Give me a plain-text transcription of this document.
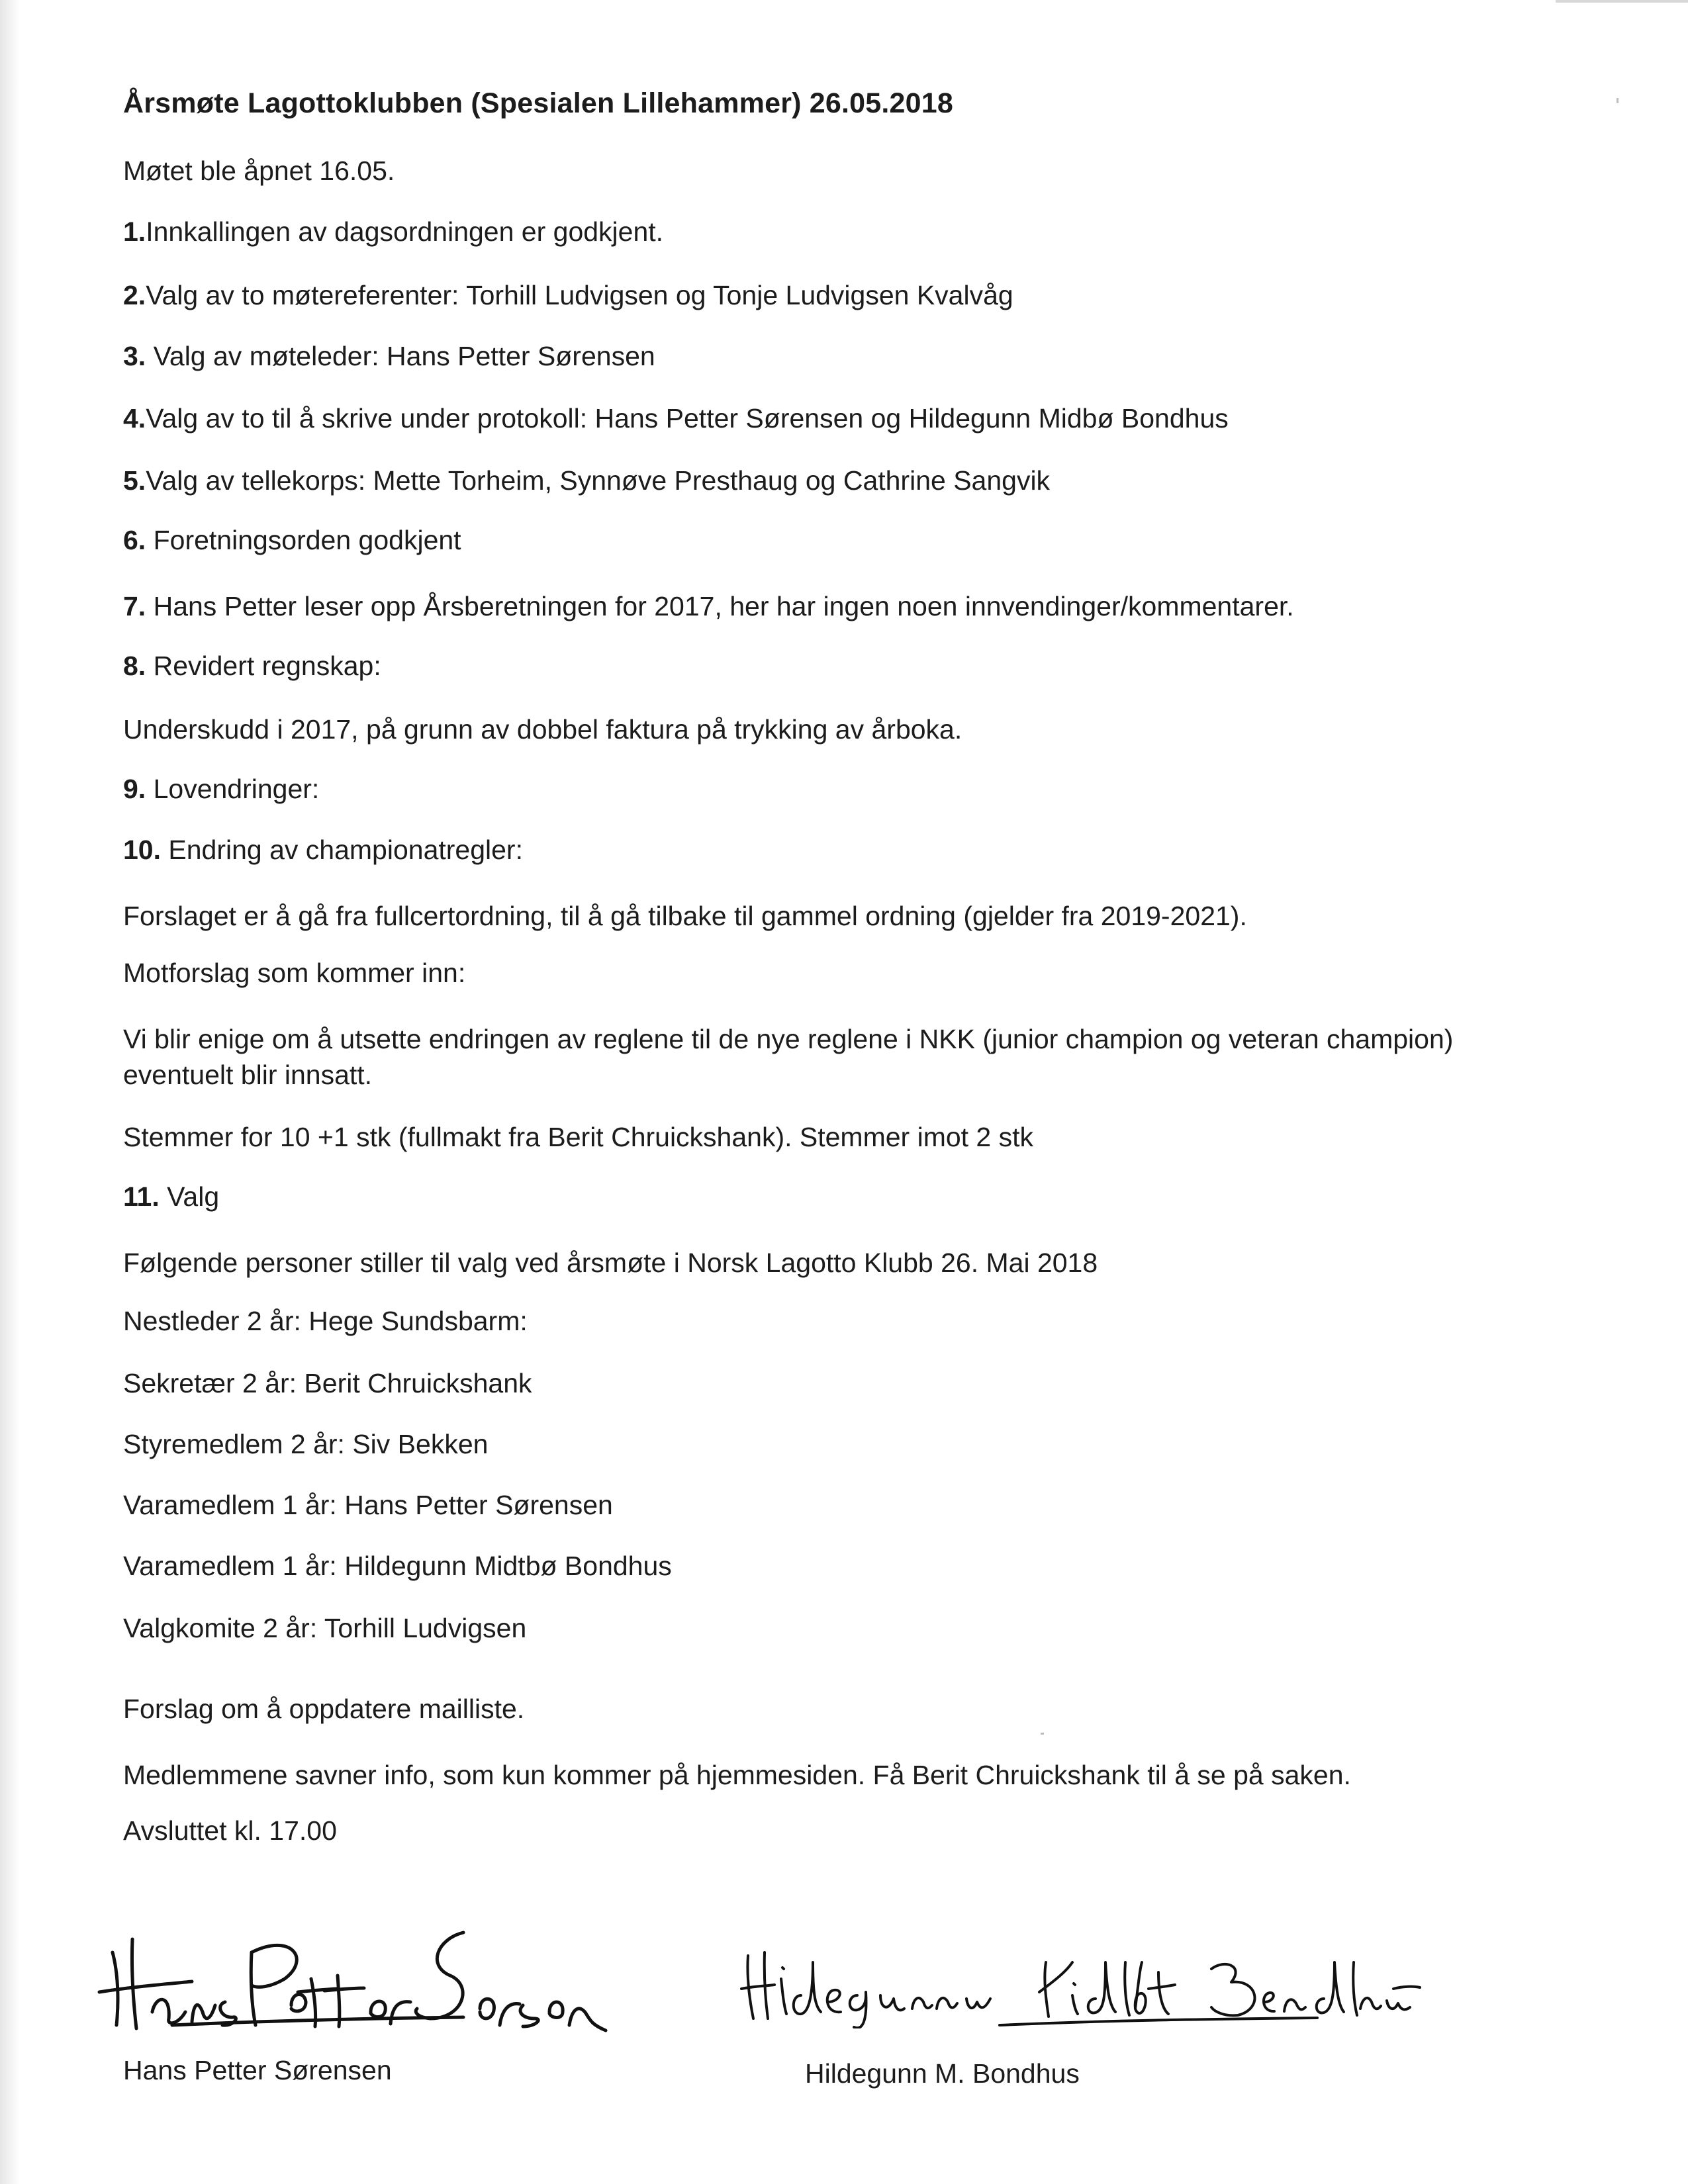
Årsmøte Lagottoklubben (Spesialen Lillehammer) 26.05.2018

Møtet ble åpnet 16.05.

1.Innkallingen av dagsordningen er godkjent.

2.Valg av to møtereferenter: Torhill Ludvigsen og Tonje Ludvigsen Kvalvåg

3. Valg av møteleder: Hans Petter Sørensen

4.Valg av to til å skrive under protokoll: Hans Petter Sørensen og Hildegunn Midbø Bondhus

5.Valg av tellekorps: Mette Torheim, Synnøve Presthaug og Cathrine Sangvik

6. Foretningsorden godkjent

7. Hans Petter leser opp Årsberetningen for 2017, her har ingen noen innvendinger/kommentarer.

8. Revidert regnskap:

Underskudd i 2017, på grunn av dobbel faktura på trykking av årboka.

9. Lovendringer:

10. Endring av championatregler:

Forslaget er å gå fra fullcertordning, til å gå tilbake til gammel ordning (gjelder fra 2019-2021).

Motforslag som kommer inn:

Vi blir enige om å utsette endringen av reglene til de nye reglene i NKK (junior champion og veteran champion)

eventuelt blir innsatt.

Stemmer for 10 +1 stk (fullmakt fra Berit Chruickshank). Stemmer imot 2 stk

11. Valg

Følgende personer stiller til valg ved årsmøte i Norsk Lagotto Klubb 26. Mai 2018

Nestleder 2 år: Hege Sundsbarm:

Sekretær 2 år: Berit Chruickshank

Styremedlem 2 år: Siv Bekken

Varamedlem 1 år: Hans Petter Sørensen

Varamedlem 1 år: Hildegunn Midtbø Bondhus

Valgkomite 2 år: Torhill Ludvigsen

Forslag om å oppdatere mailliste.

Medlemmene savner info, som kun kommer på hjemmesiden. Få Berit Chruickshank til å se på saken.

Avsluttet kl. 17.00

Hans Petter Sørensen	Hildegunn M. Bondhus
